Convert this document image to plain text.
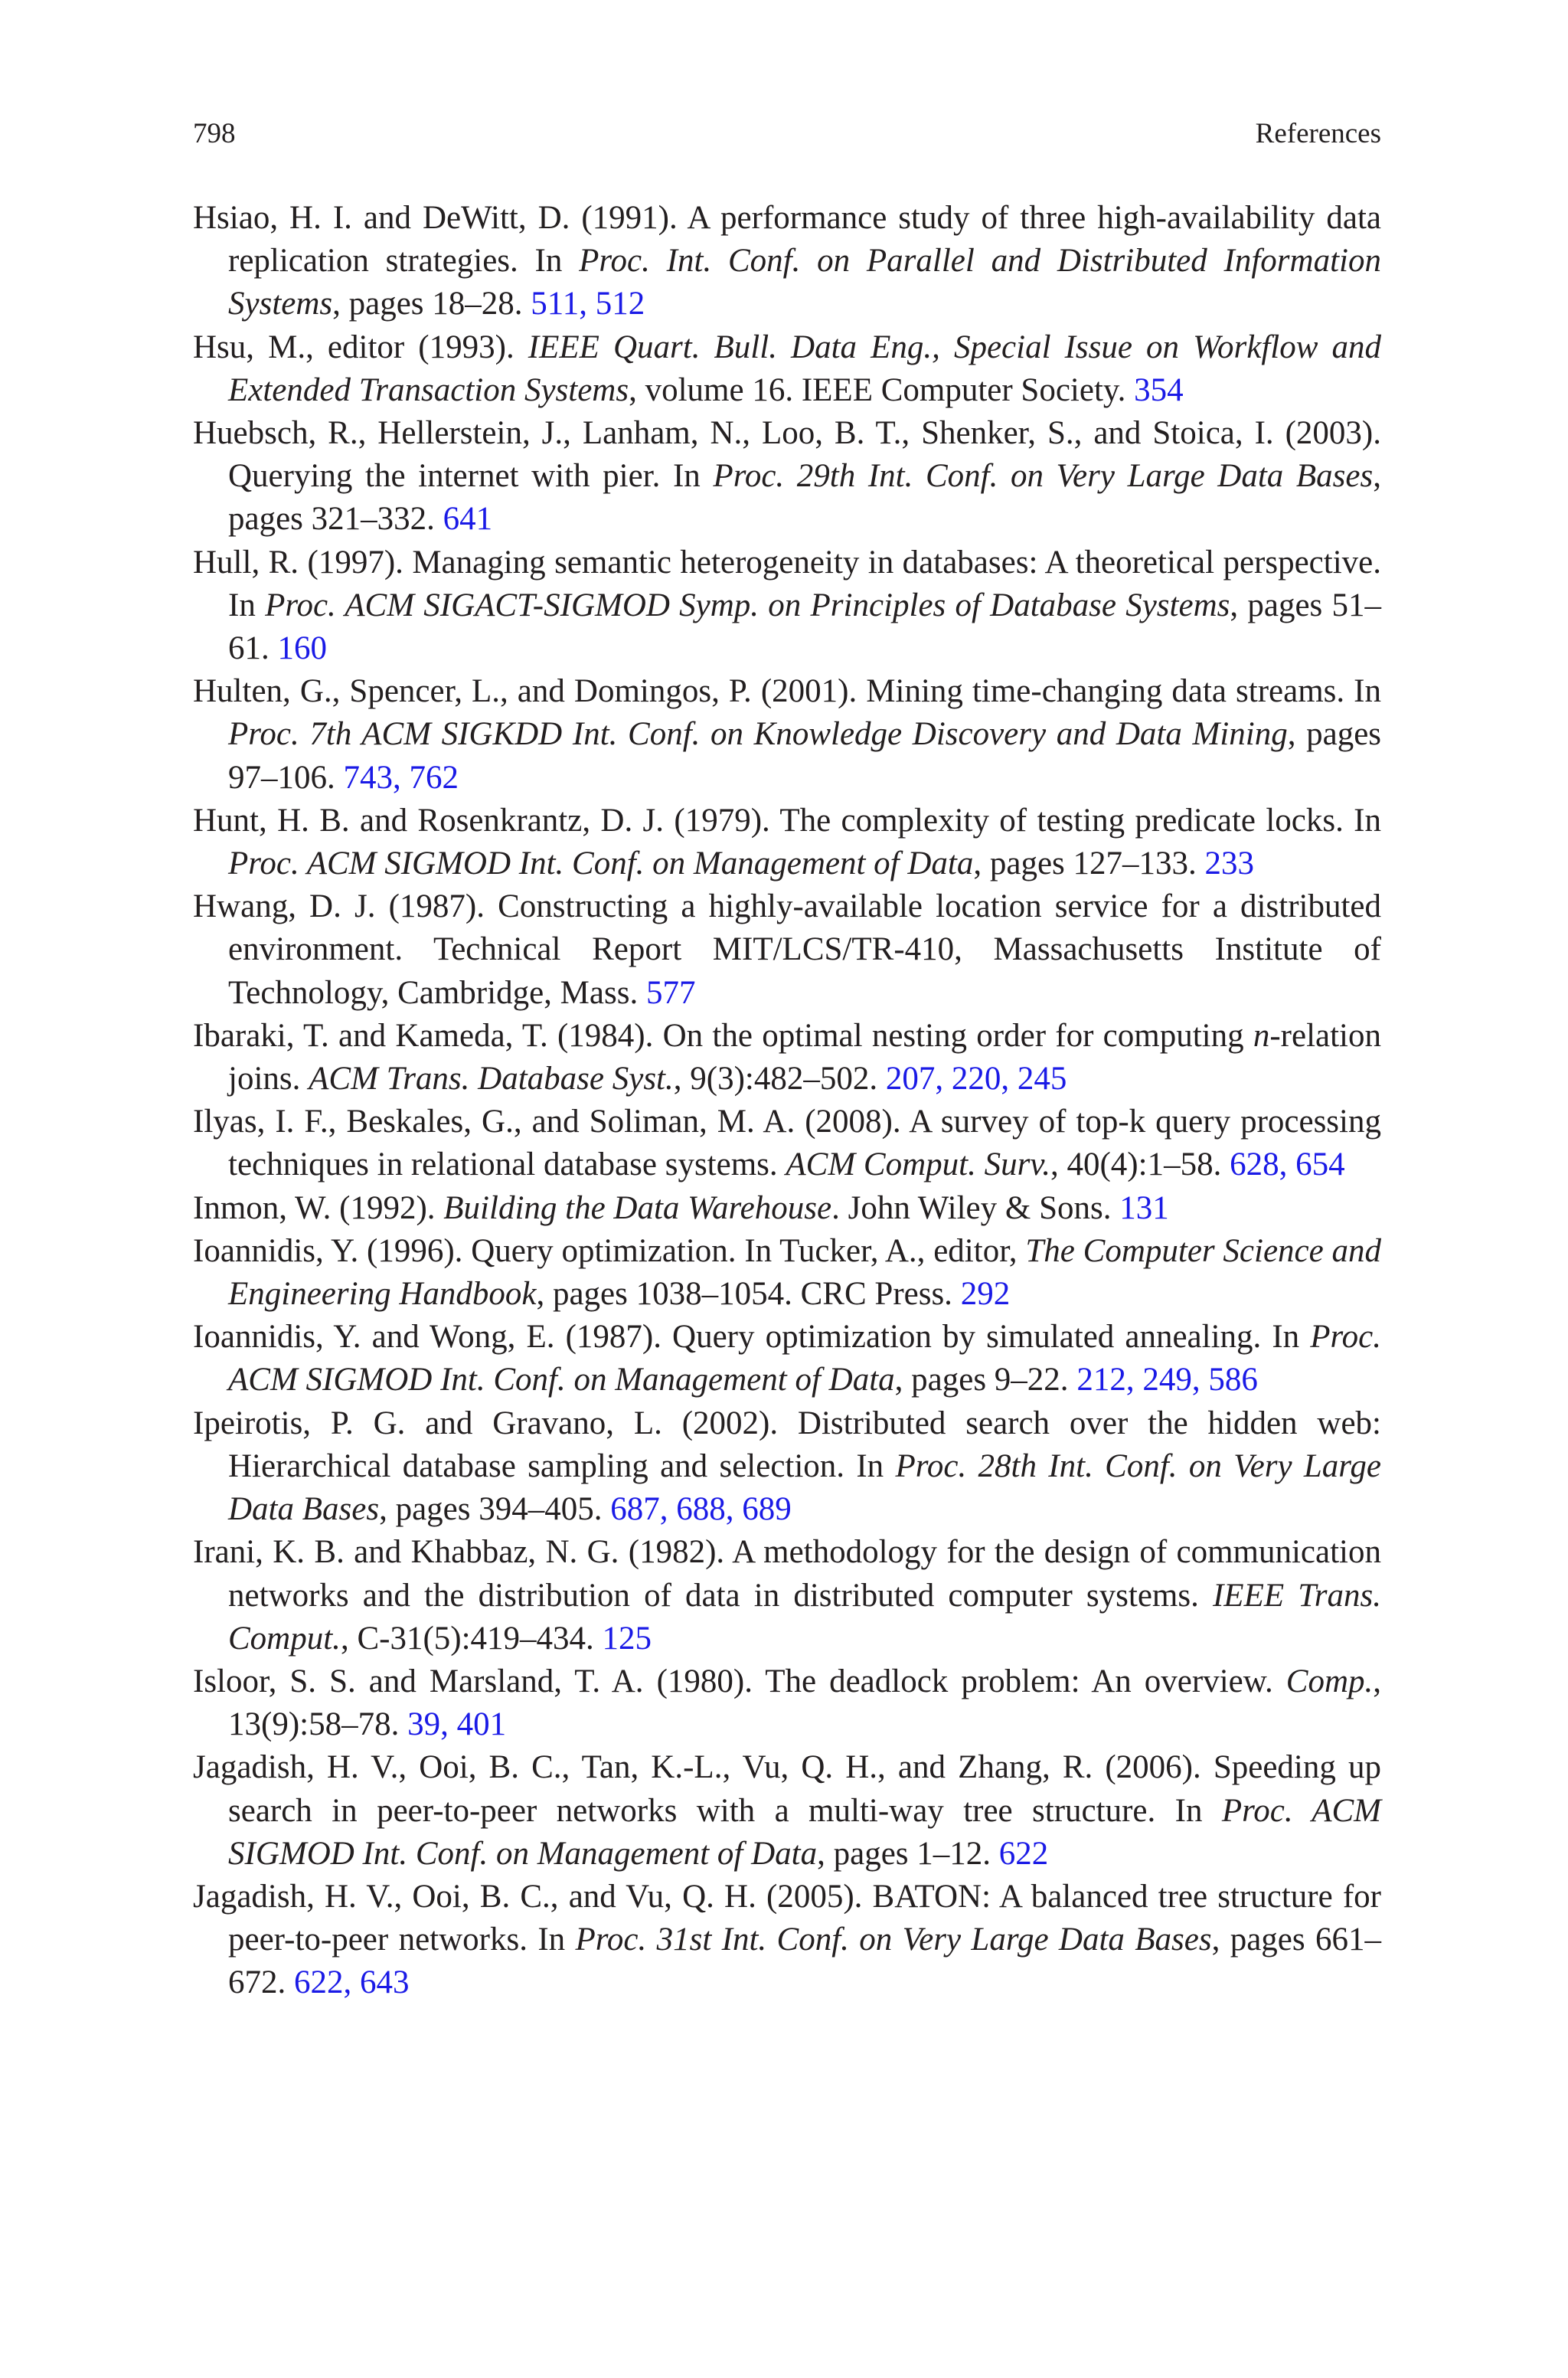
798	References
Hsiao, H. I. and DeWitt, D. (1991). A performance study of three high-availability data replication strategies. In Proc. Int. Conf. on Parallel and Distributed Information Systems, pages 18–28. 511, 512
Hsu, M., editor (1993). IEEE Quart. Bull. Data Eng., Special Issue on Workflow and Extended Transaction Systems, volume 16. IEEE Computer Society. 354
Huebsch, R., Hellerstein, J., Lanham, N., Loo, B. T., Shenker, S., and Stoica, I. (2003). Querying the internet with pier. In Proc. 29th Int. Conf. on Very Large Data Bases, pages 321–332. 641
Hull, R. (1997). Managing semantic heterogeneity in databases: A theoretical perspective. In Proc. ACM SIGACT-SIGMOD Symp. on Principles of Database Systems, pages 51–61. 160
Hulten, G., Spencer, L., and Domingos, P. (2001). Mining time-changing data streams. In Proc. 7th ACM SIGKDD Int. Conf. on Knowledge Discovery and Data Mining, pages 97–106. 743, 762
Hunt, H. B. and Rosenkrantz, D. J. (1979). The complexity of testing predicate locks. In Proc. ACM SIGMOD Int. Conf. on Management of Data, pages 127–133. 233
Hwang, D. J. (1987). Constructing a highly-available location service for a distributed environment. Technical Report MIT/LCS/TR-410, Massachusetts Institute of Technology, Cambridge, Mass. 577
Ibaraki, T. and Kameda, T. (1984). On the optimal nesting order for computing n-relation joins. ACM Trans. Database Syst., 9(3):482–502. 207, 220, 245
Ilyas, I. F., Beskales, G., and Soliman, M. A. (2008). A survey of top-k query processing techniques in relational database systems. ACM Comput. Surv., 40(4):1–58. 628, 654
Inmon, W. (1992). Building the Data Warehouse. John Wiley & Sons. 131
Ioannidis, Y. (1996). Query optimization. In Tucker, A., editor, The Computer Science and Engineering Handbook, pages 1038–1054. CRC Press. 292
Ioannidis, Y. and Wong, E. (1987). Query optimization by simulated annealing. In Proc. ACM SIGMOD Int. Conf. on Management of Data, pages 9–22. 212, 249, 586
Ipeirotis, P. G. and Gravano, L. (2002). Distributed search over the hidden web: Hierarchical database sampling and selection. In Proc. 28th Int. Conf. on Very Large Data Bases, pages 394–405. 687, 688, 689
Irani, K. B. and Khabbaz, N. G. (1982). A methodology for the design of communication networks and the distribution of data in distributed computer systems. IEEE Trans. Comput., C-31(5):419–434. 125
Isloor, S. S. and Marsland, T. A. (1980). The deadlock problem: An overview. Comp., 13(9):58–78. 39, 401
Jagadish, H. V., Ooi, B. C., Tan, K.-L., Vu, Q. H., and Zhang, R. (2006). Speeding up search in peer-to-peer networks with a multi-way tree structure. In Proc. ACM SIGMOD Int. Conf. on Management of Data, pages 1–12. 622
Jagadish, H. V., Ooi, B. C., and Vu, Q. H. (2005). BATON: A balanced tree structure for peer-to-peer networks. In Proc. 31st Int. Conf. on Very Large Data Bases, pages 661–672. 622, 643
